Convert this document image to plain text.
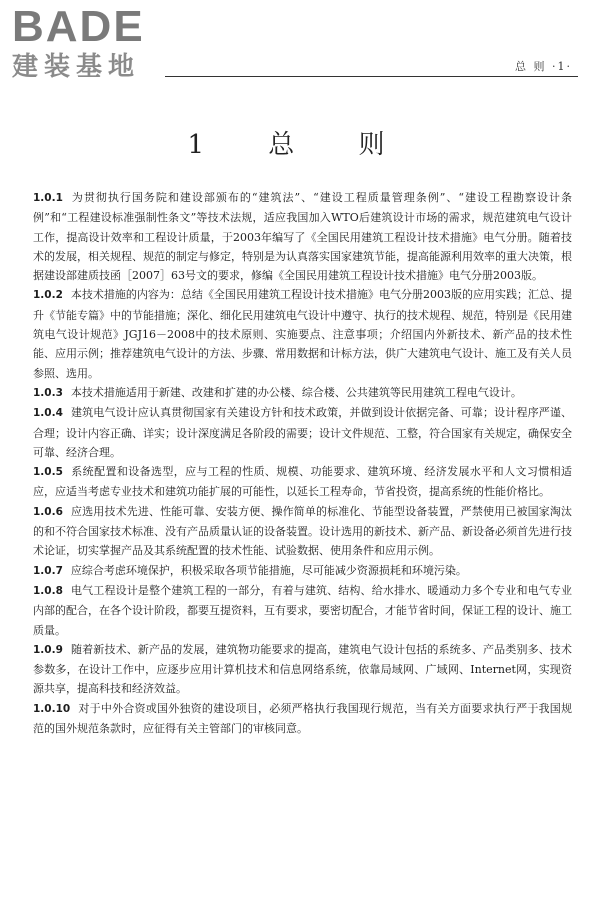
BADE
建装基地	总 则 ·1·
1 总 则

1.0.1 为贯彻执行国务院和建设部颁布的“建筑法”、“建设工程质量管理条例”、“建设工程勘察设计条例”和“工程建设标准强制性条文”等技术法规，适应我国加入WTO后建筑设计市场的需求，规范建筑电气设计工作，提高设计效率和工程设计质量，于2003年编写了《全国民用建筑工程设计技术措施》电气分册。随着技术的发展，相关规程、规范的制定与修定，特别是为认真落实国家建筑节能，提高能源利用效率的重大决策，根据建设部建质技函［2007］63号文的要求，修编《全国民用建筑工程设计技术措施》电气分册2003版。

1.0.2 本技术措施的内容为：总结《全国民用建筑工程设计技术措施》电气分册2003版的应用实践；汇总、提升《节能专篇》中的节能措施；深化、细化民用建筑电气设计中遵守、执行的技术规程、规范，特别是《民用建筑电气设计规范》JGJ16－2008中的技术原则、实施要点、注意事项；介绍国内外新技术、新产品的技术性能、应用示例；推荐建筑电气设计的方法、步骤、常用数据和计标方法，供广大建筑电气设计、施工及有关人员参照、选用。

1.0.3 本技术措施适用于新建、改建和扩建的办公楼、综合楼、公共建筑等民用建筑工程电气设计。

1.0.4 建筑电气设计应认真贯彻国家有关建设方针和技术政策，并做到设计依据完备、可靠；设计程序严谨、合理；设计内容正确、详实；设计深度满足各阶段的需要；设计文件规范、工整，符合国家有关规定，确保安全可靠、经济合理。

1.0.5 系统配置和设备选型，应与工程的性质、规模、功能要求、建筑环境、经济发展水平和人文习惯相适应，应适当考虑专业技术和建筑功能扩展的可能性，以延长工程寿命，节省投资，提高系统的性能价格比。

1.0.6 应选用技术先进、性能可靠、安装方便、操作简单的标准化、节能型设备装置，严禁使用已被国家淘汰的和不符合国家技术标准、没有产品质量认证的设备装置。设计选用的新技术、新产品、新设备必须首先进行技术论证，切实掌握产品及其系统配置的技术性能、试验数据、使用条件和应用示例。

1.0.7 应综合考虑环境保护，积极采取各项节能措施，尽可能减少资源损耗和环境污染。

1.0.8 电气工程设计是整个建筑工程的一部分，有着与建筑、结构、给水排水、暖通动力多个专业和电气专业内部的配合，在各个设计阶段，都要互提资料，互有要求，要密切配合，才能节省时间，保证工程的设计、施工质量。

1.0.9 随着新技术、新产品的发展，建筑物功能要求的提高，建筑电气设计包括的系统多、产品类别多、技术参数多，在设计工作中，应逐步应用计算机技术和信息网络系统，依靠局域网、广域网、Internet网，实现资源共享，提高科技和经济效益。

1.0.10 对于中外合资或国外独资的建设项目，必须严格执行我国现行规范，当有关方面要求执行严于我国规范的国外规范条款时，应征得有关主管部门的审核同意。
